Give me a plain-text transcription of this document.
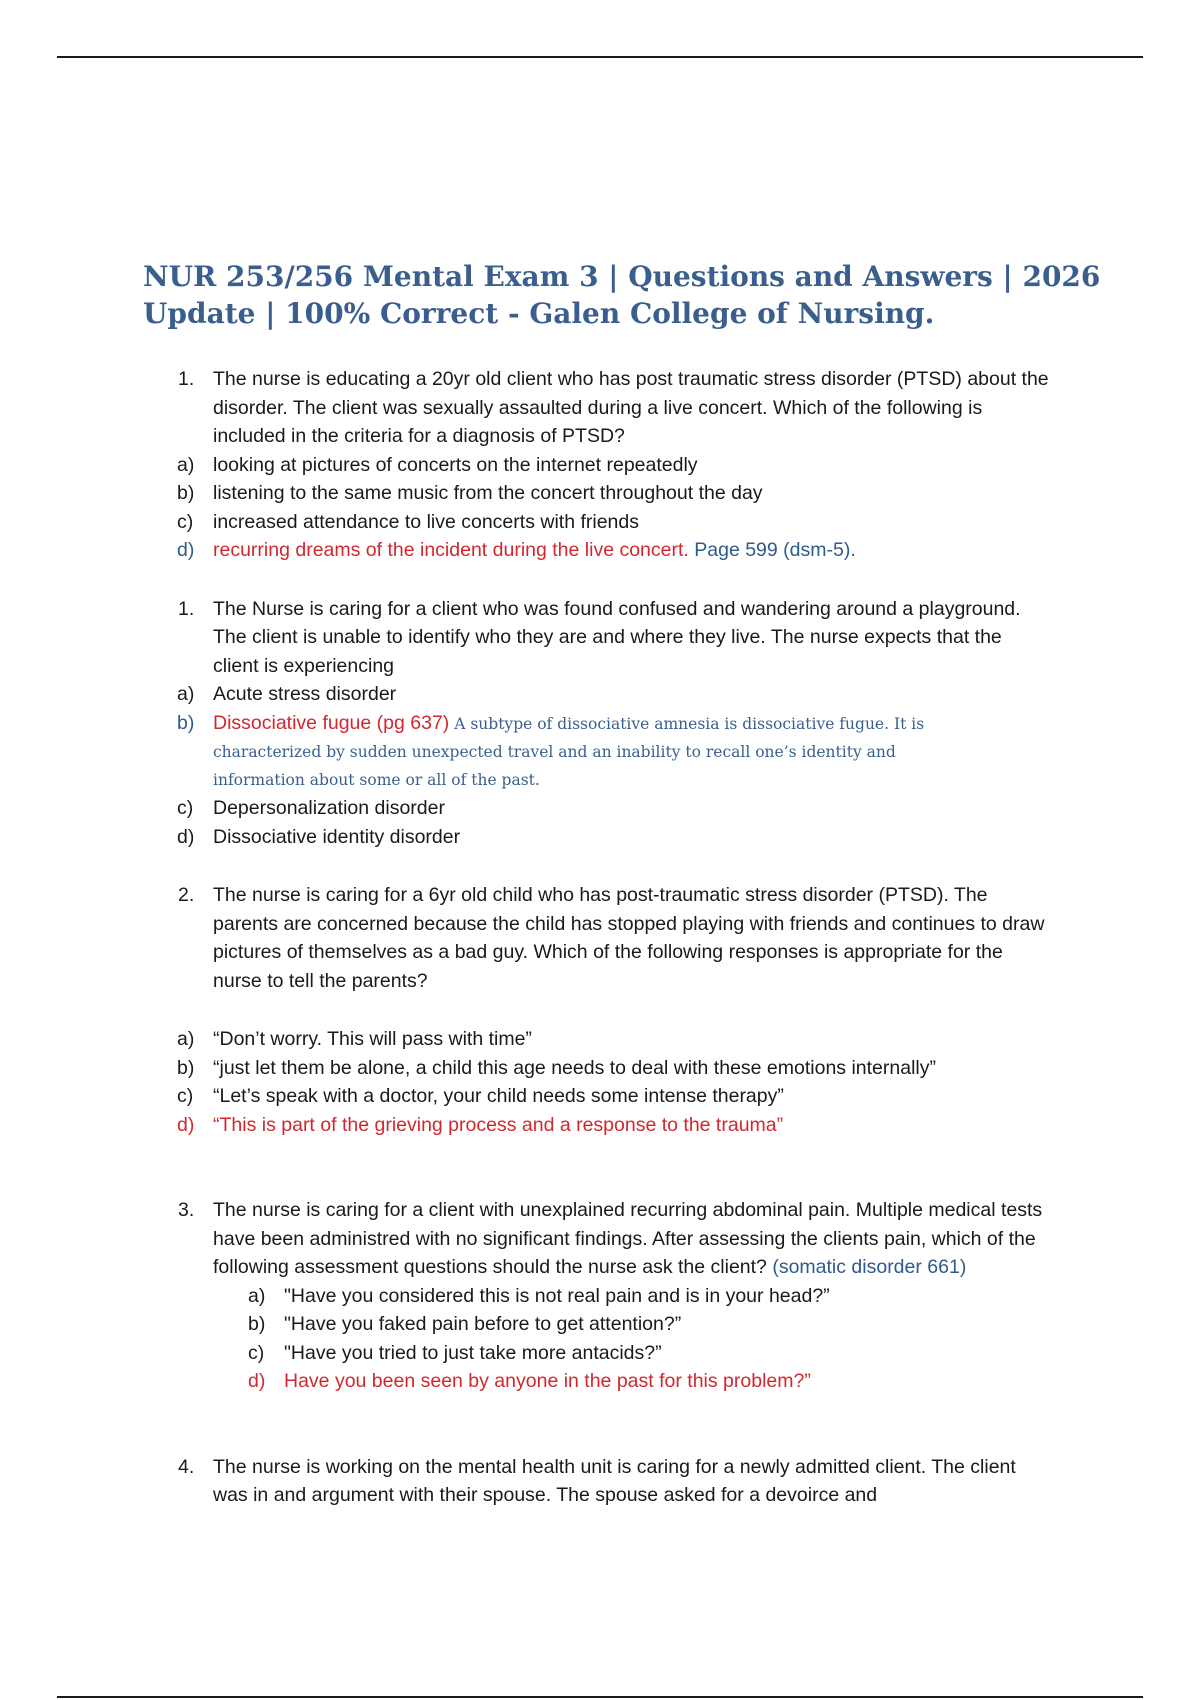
NUR 253/256 Mental Exam 3 | Questions and Answers | 2026 Update | 100% Correct - Galen College of Nursing.
1. The nurse is educating a 20yr old client who has post traumatic stress disorder (PTSD) about the disorder. The client was sexually assaulted during a live concert. Which of the following is included in the criteria for a diagnosis of PTSD?
a) looking at pictures of concerts on the internet repeatedly
b) listening to the same music from the concert throughout the day
c) increased attendance to live concerts with friends
d) recurring dreams of the incident during the live concert. Page 599 (dsm-5).
1. The Nurse is caring for a client who was found confused and wandering around a playground. The client is unable to identify who they are and where they live. The nurse expects that the client is experiencing
a) Acute stress disorder
b) Dissociative fugue (pg 637) A subtype of dissociative amnesia is dissociative fugue. It is
characterized by sudden unexpected travel and an inability to recall one’s identity and
information about some or all of the past.
c) Depersonalization disorder
d) Dissociative identity disorder
2. The nurse is caring for a 6yr old child who has post-traumatic stress disorder (PTSD). The parents are concerned because the child has stopped playing with friends and continues to draw pictures of themselves as a bad guy. Which of the following responses is appropriate for the nurse to tell the parents?
a) “Don’t worry. This will pass with time”
b) “just let them be alone, a child this age needs to deal with these emotions internally”
c) “Let’s speak with a doctor, your child needs some intense therapy”
d) “This is part of the grieving process and a response to the trauma”
3. The nurse is caring for a client with unexplained recurring abdominal pain. Multiple medical tests have been administred with no significant findings. After assessing the clients pain, which of the following assessment questions should the nurse ask the client? (somatic disorder 661)
a) "Have you considered this is not real pain and is in your head?”
b) "Have you faked pain before to get attention?”
c) "Have you tried to just take more antacids?”
d) Have you been seen by anyone in the past for this problem?”
4. The nurse is working on the mental health unit is caring for a newly admitted client. The client was in and argument with their spouse. The spouse asked for a devoirce and
